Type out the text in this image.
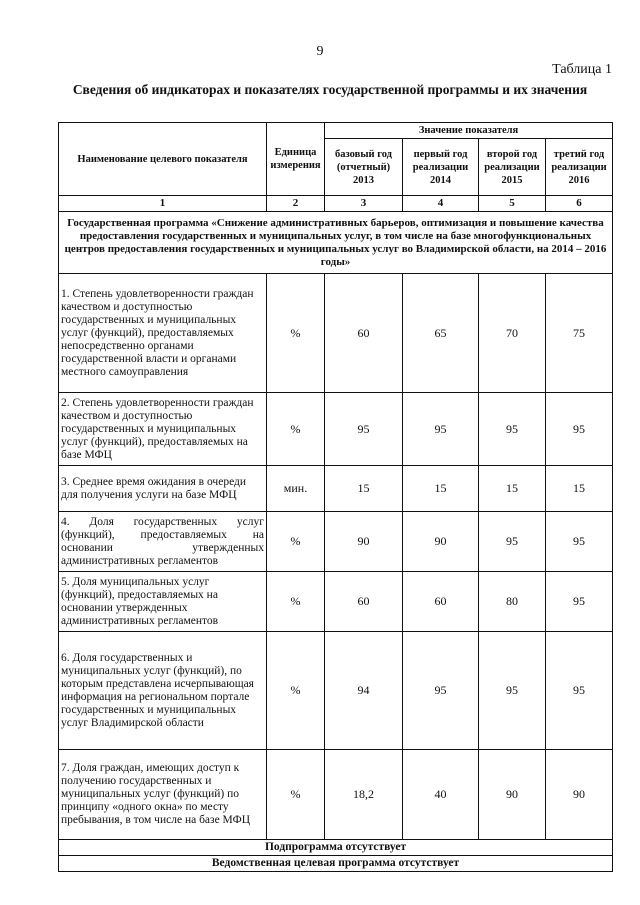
9
Таблица 1
Сведения об индикаторах и показателях государственной программы и их значения
Наименование целевого показателя	Единица измерения	Значение показателя			
		базовый год (отчетный) 2013	первый год реализации 2014	второй год реализации 2015	третий год реализации 2016
1	2	3	4	5	6
Государственная программа «Снижение административных барьеров, оптимизация и повышение качества предоставления государственных и муниципальных услуг, в том числе на базе многофункциональных центров предоставления государственных и муниципальных услуг во Владимирской области, на 2014 – 2016 годы»					
1. Степень удовлетворенности граждан качеством и доступностью государственных и муниципальных услуг (функций), предоставляемых непосредственно органами государственной власти и органами местного самоуправления	%	60	65	70	75
2. Степень удовлетворенности граждан качеством и доступностью государственных и муниципальных услуг (функций), предоставляемых на базе МФЦ	%	95	95	95	95
3. Среднее время ожидания в очереди для получения услуги на базе МФЦ	мин.	15	15	15	15
4. Доля государственных услуг (функций), предоставляемых на основании утвержденных административных регламентов	%	90	90	95	95
5. Доля муниципальных услуг (функций), предоставляемых на основании утвержденных административных регламентов	%	60	60	80	95
6. Доля государственных и муниципальных услуг (функций), по которым представлена исчерпывающая информация на региональном портале государственных и муниципальных услуг Владимирской области	%	94	95	95	95
7. Доля граждан, имеющих доступ к получению государственных и муниципальных услуг (функций) по принципу «одного окна» по месту пребывания, в том числе на базе МФЦ	%	18,2	40	90	90
Подпрограмма отсутствует					
Ведомственная целевая программа отсутствует					
